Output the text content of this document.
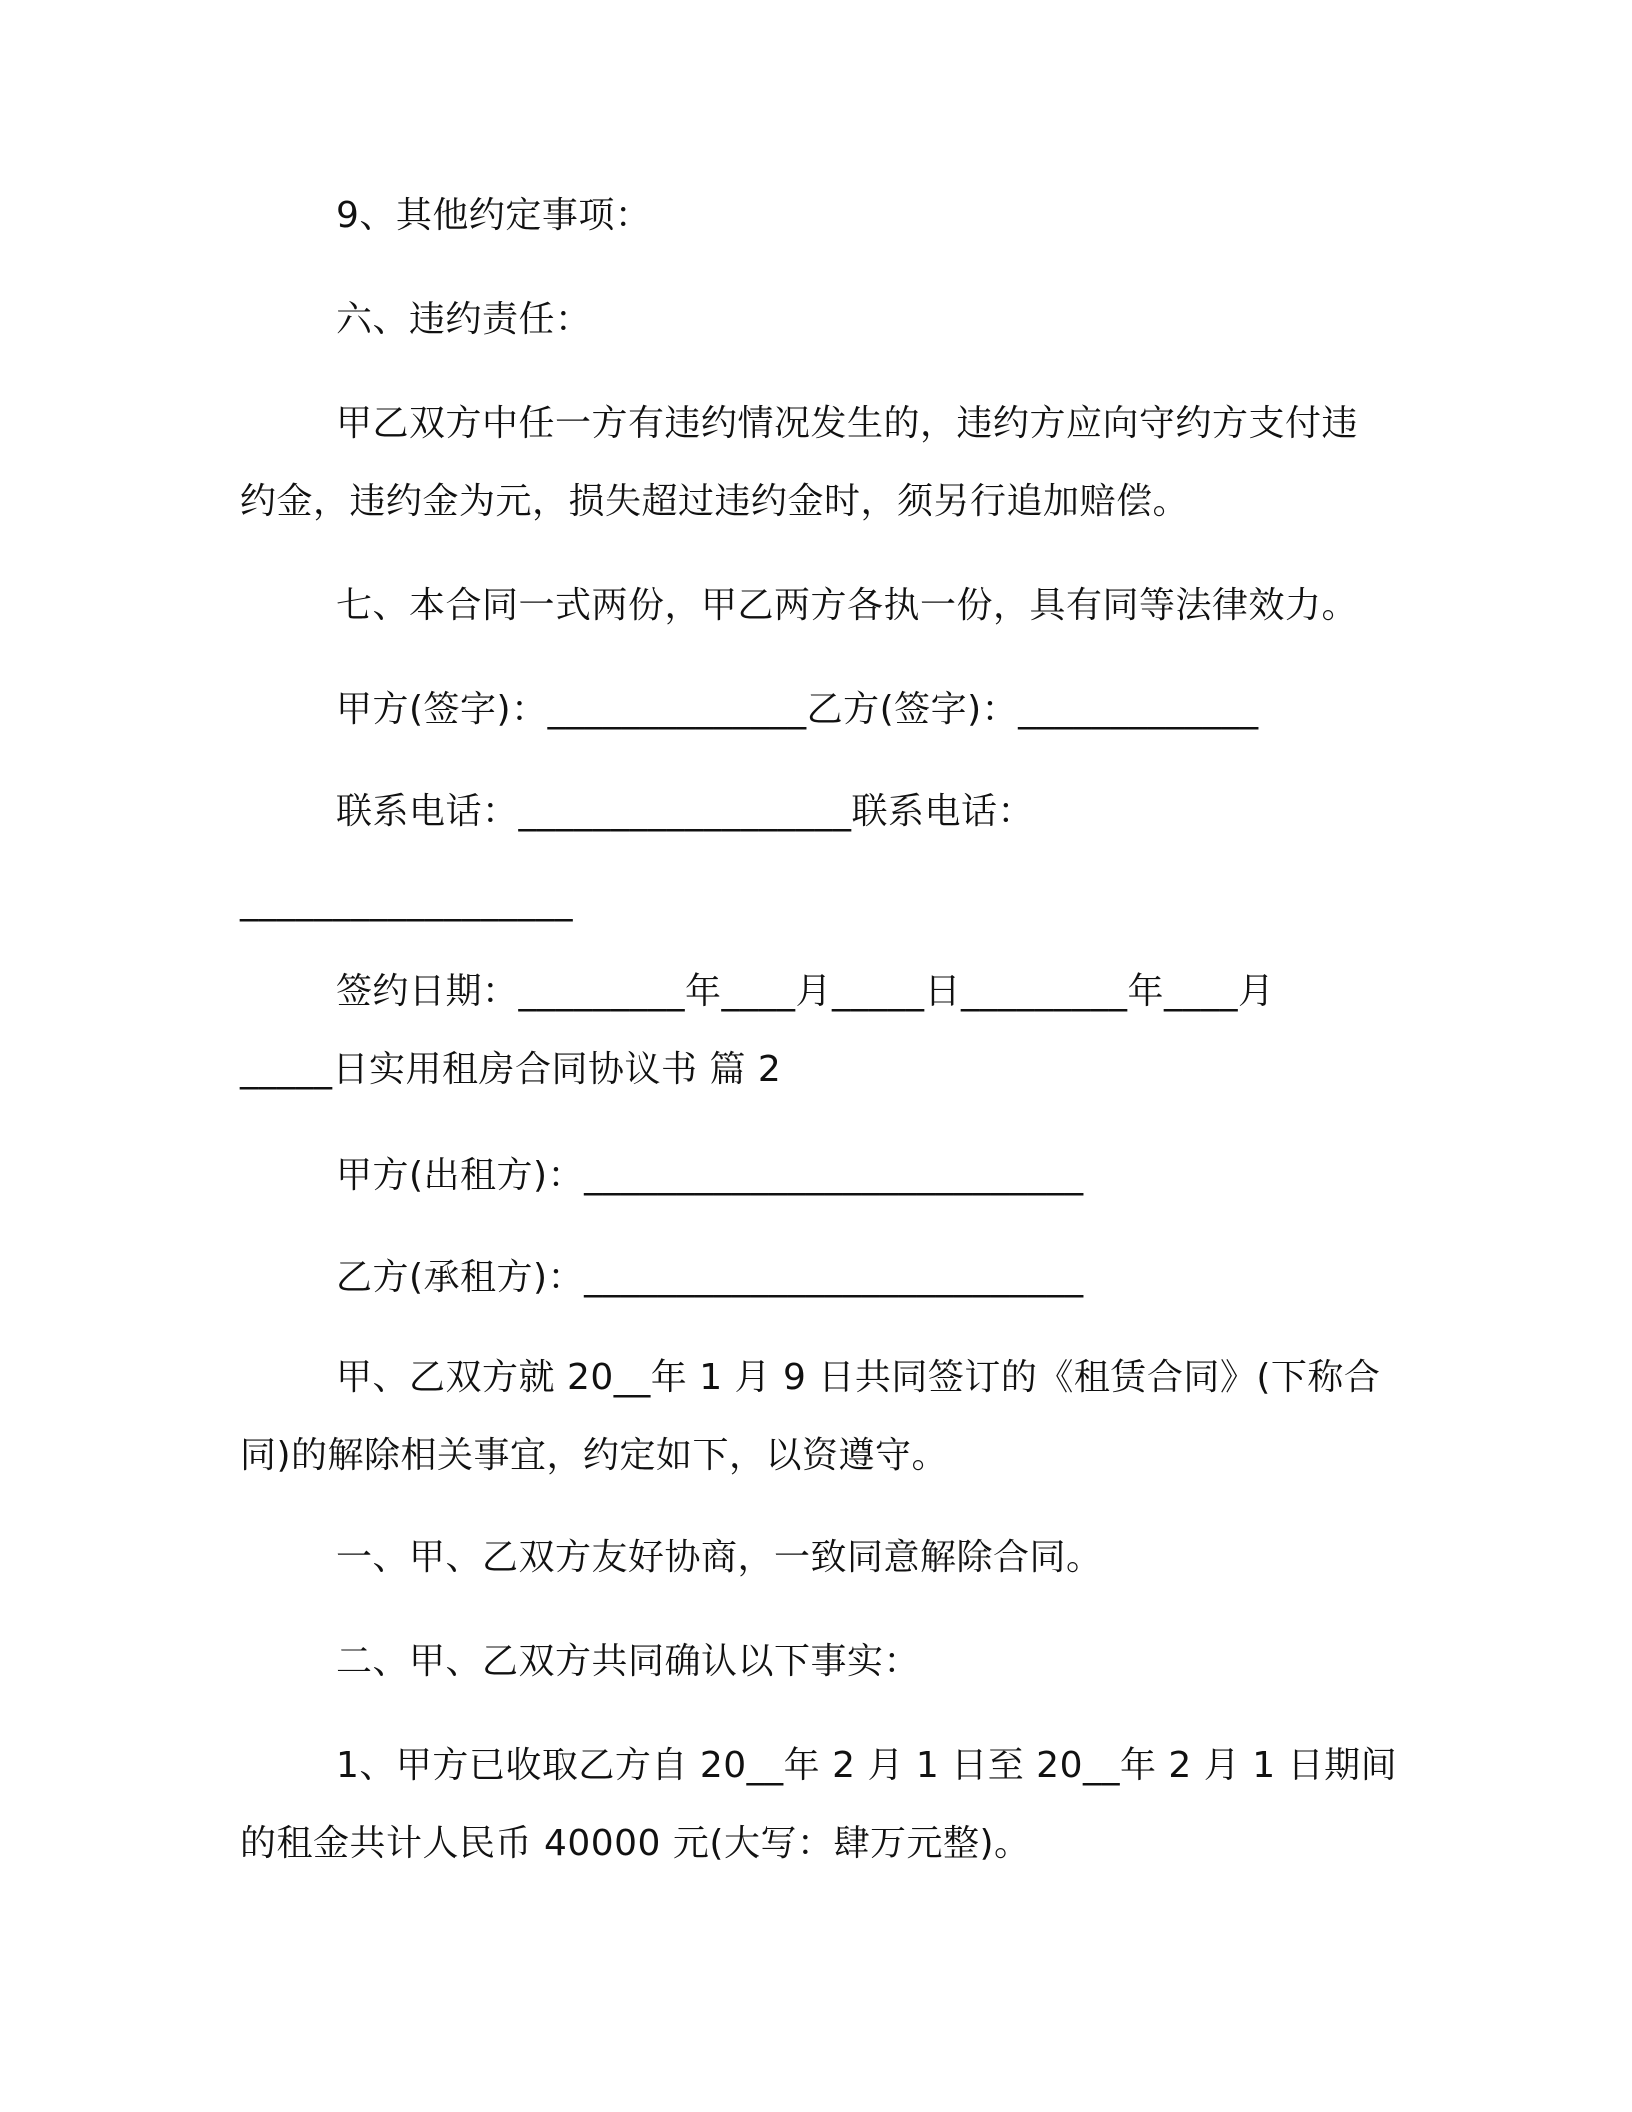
9、其他约定事项：
六、违约责任：
甲乙双方中任一方有违约情况发生的，违约方应向守约方支付违
约金，违约金为元，损失超过违约金时，须另行追加赔偿。
七、本合同一式两份，甲乙两方各执一份，具有同等法律效力。
甲方(签字)：______________乙方(签字)：_____________
联系电话：__________________联系电话：
__________________
签约日期：_________年____月_____日_________年____月
_____日实用租房合同协议书 篇 2
甲方(出租方)：___________________________
乙方(承租方)：___________________________
甲、乙双方就 20__年 1 月 9 日共同签订的《租赁合同》(下称合
同)的解除相关事宜，约定如下，以资遵守。
一、甲、乙双方友好协商，一致同意解除合同。
二、甲、乙双方共同确认以下事实：
1、甲方已收取乙方自 20__年 2 月 1 日至 20__年 2 月 1 日期间
的租金共计人民币 40000 元(大写：肆万元整)。
